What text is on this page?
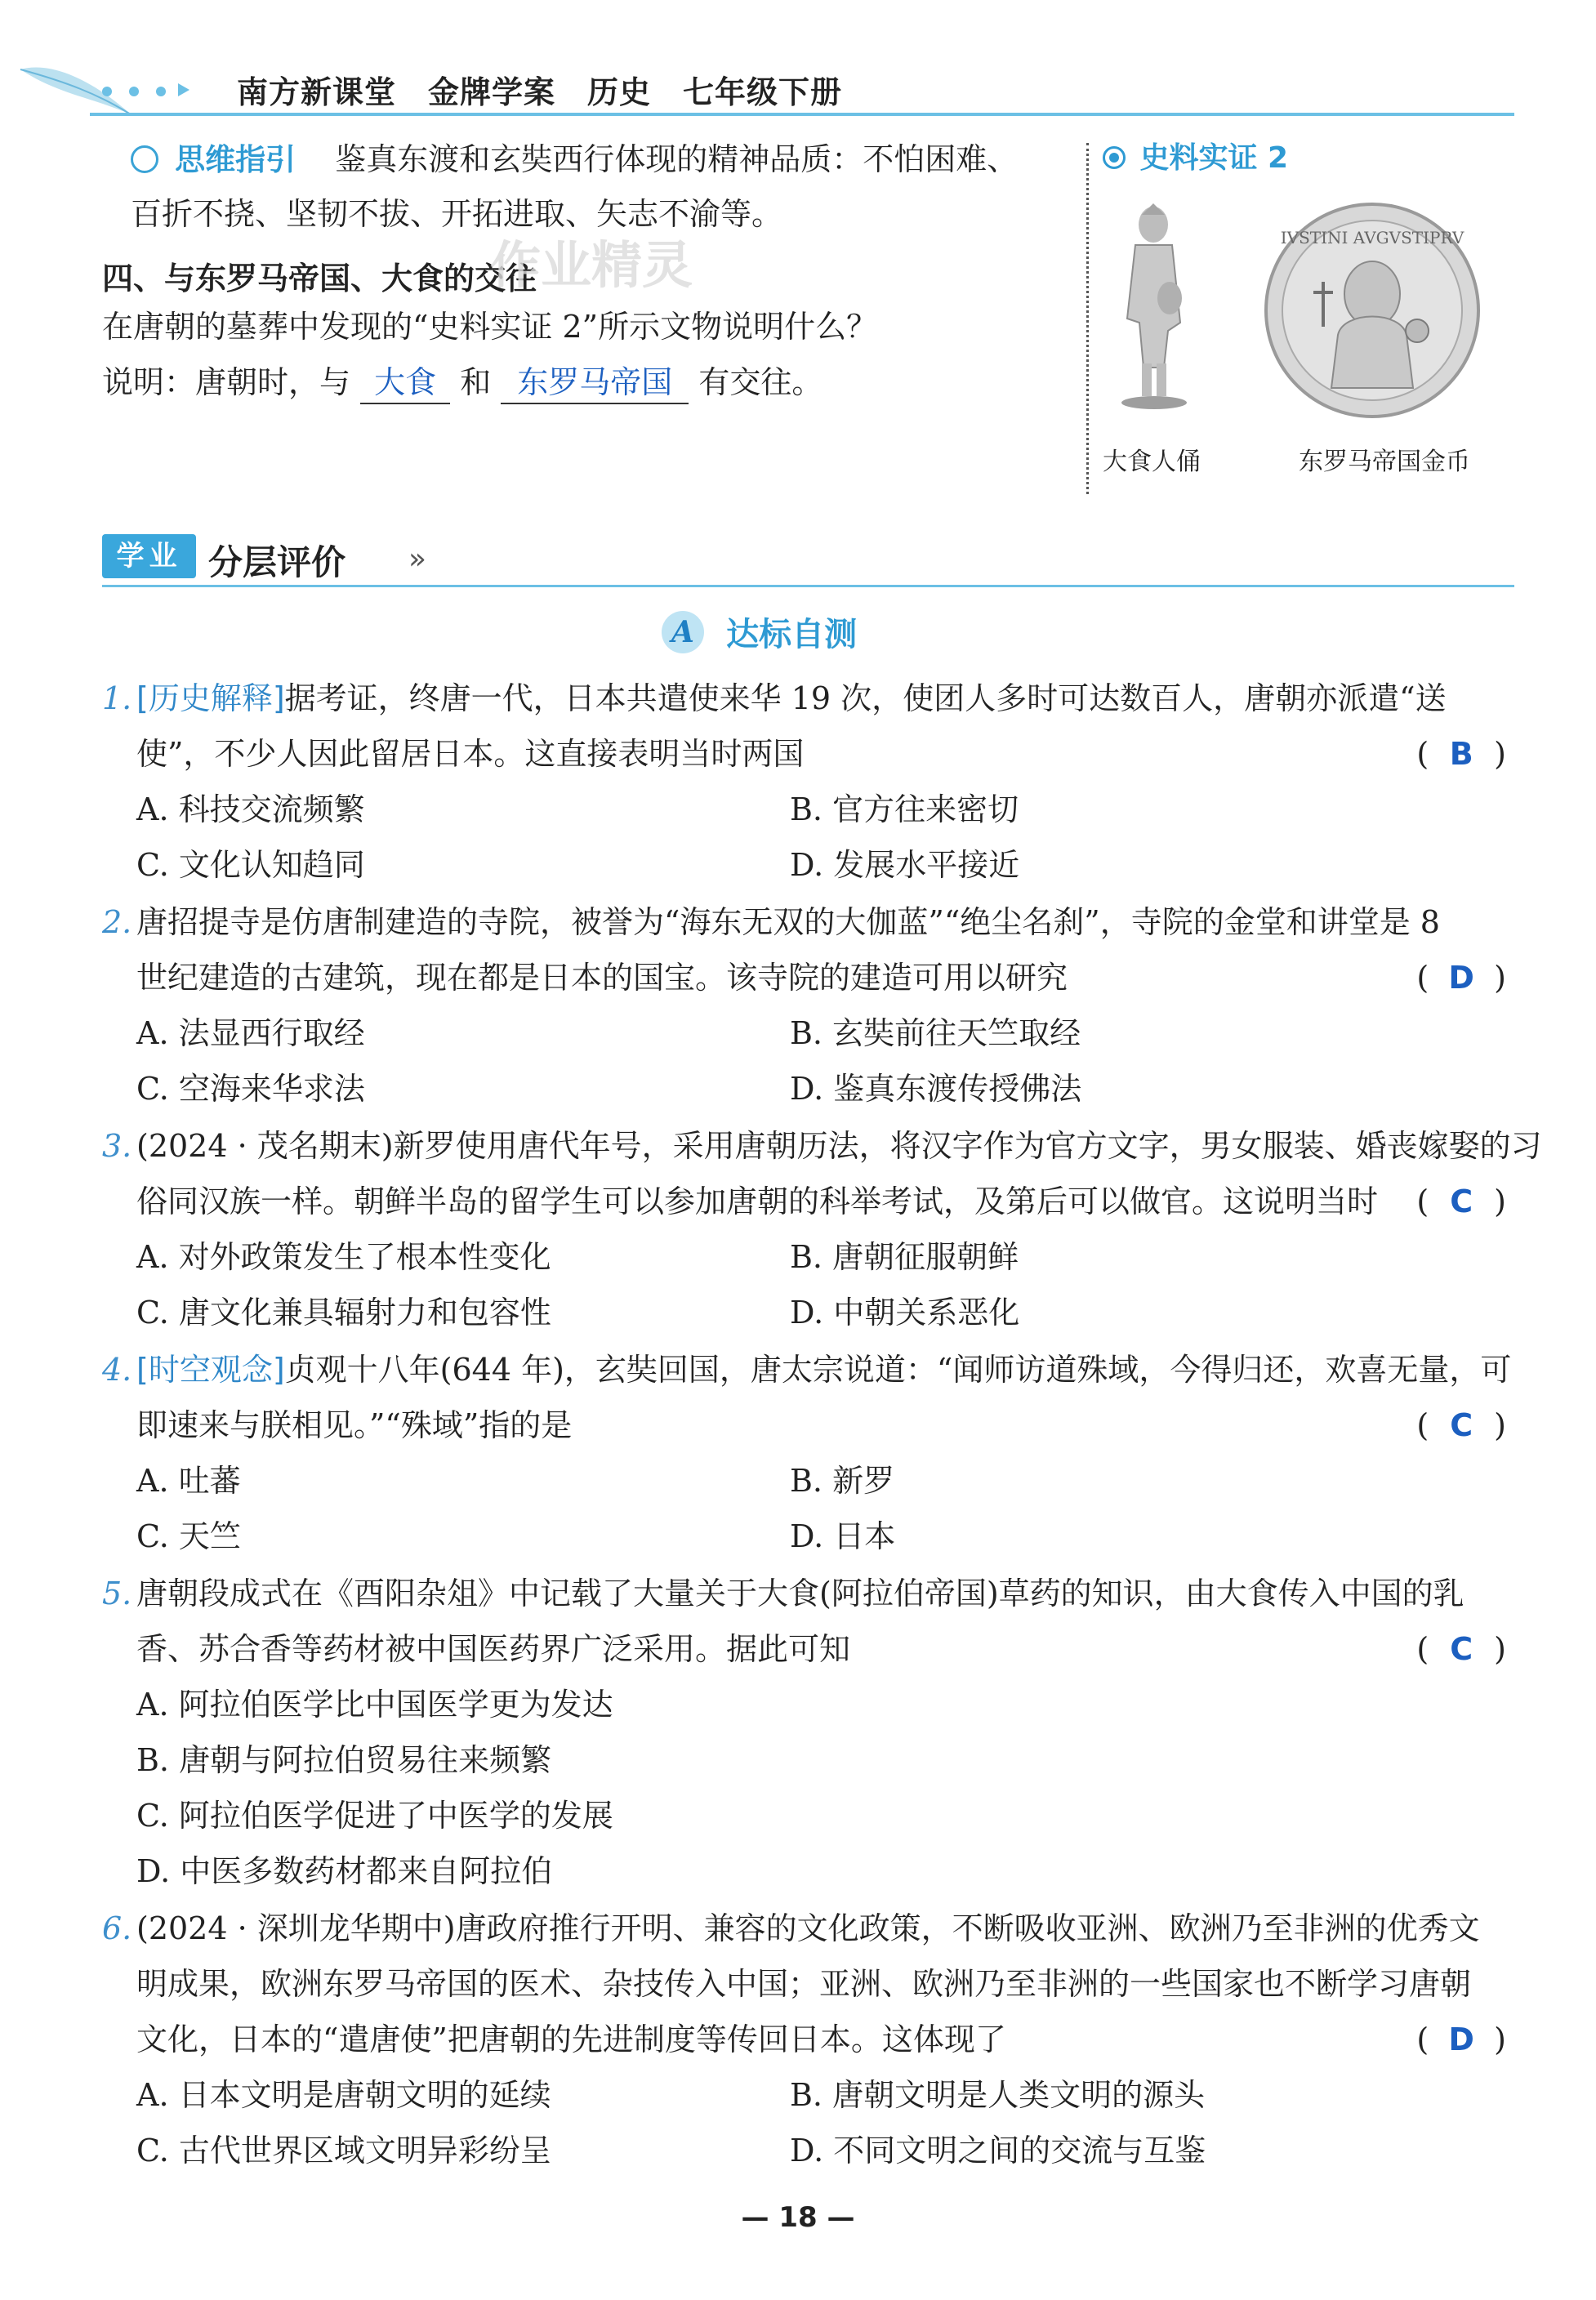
南方新课堂　金牌学案　历史　七年级下册
思维指引 鉴真东渡和玄奘西行体现的精神品质：不怕困难、
百折不挠、坚韧不拔、开拓进取、矢志不渝等。
四、与东罗马帝国、大食的交往
在唐朝的墓葬中发现的“史料实证 2”所示文物说明什么？
说明：唐朝时，与 大食 和 东罗马帝国 有交往。
作业精灵
史料实证 2
IVSTINI AVGVSTIPRV
大食人俑	东罗马帝国金币
学业 分层评价 »
A 达标自测
1. [历史解释]据考证，终唐一代，日本共遣使来华 19 次，使团人多时可达数百人，唐朝亦派遣“送
使”，不少人因此留居日本。这直接表明当时两国	( B )
A. 科技交流频繁	B. 官方往来密切
C. 文化认知趋同	D. 发展水平接近
2. 唐招提寺是仿唐制建造的寺院，被誉为“海东无双的大伽蓝”“绝尘名刹”，寺院的金堂和讲堂是 8
世纪建造的古建筑，现在都是日本的国宝。该寺院的建造可用以研究	( D )
A. 法显西行取经	B. 玄奘前往天竺取经
C. 空海来华求法	D. 鉴真东渡传授佛法
3. (2024 · 茂名期末)新罗使用唐代年号，采用唐朝历法，将汉字作为官方文字，男女服装、婚丧嫁娶的习
俗同汉族一样。朝鲜半岛的留学生可以参加唐朝的科举考试，及第后可以做官。这说明当时 ( C )
A. 对外政策发生了根本性变化	B. 唐朝征服朝鲜
C. 唐文化兼具辐射力和包容性	D. 中朝关系恶化
4. [时空观念]贞观十八年(644 年)，玄奘回国，唐太宗说道：“闻师访道殊域，今得归还，欢喜无量，可
即速来与朕相见。”“殊域”指的是	( C )
A. 吐蕃	B. 新罗
C. 天竺	D. 日本
5. 唐朝段成式在《酉阳杂俎》中记载了大量关于大食(阿拉伯帝国)草药的知识，由大食传入中国的乳
香、苏合香等药材被中国医药界广泛采用。据此可知	( C )
A. 阿拉伯医学比中国医学更为发达
B. 唐朝与阿拉伯贸易往来频繁
C. 阿拉伯医学促进了中医学的发展
D. 中医多数药材都来自阿拉伯
6. (2024 · 深圳龙华期中)唐政府推行开明、兼容的文化政策，不断吸收亚洲、欧洲乃至非洲的优秀文
明成果，欧洲东罗马帝国的医术、杂技传入中国；亚洲、欧洲乃至非洲的一些国家也不断学习唐朝
文化，日本的“遣唐使”把唐朝的先进制度等传回日本。这体现了	( D )
A. 日本文明是唐朝文明的延续	B. 唐朝文明是人类文明的源头
C. 古代世界区域文明异彩纷呈	D. 不同文明之间的交流与互鉴
— 18 —
